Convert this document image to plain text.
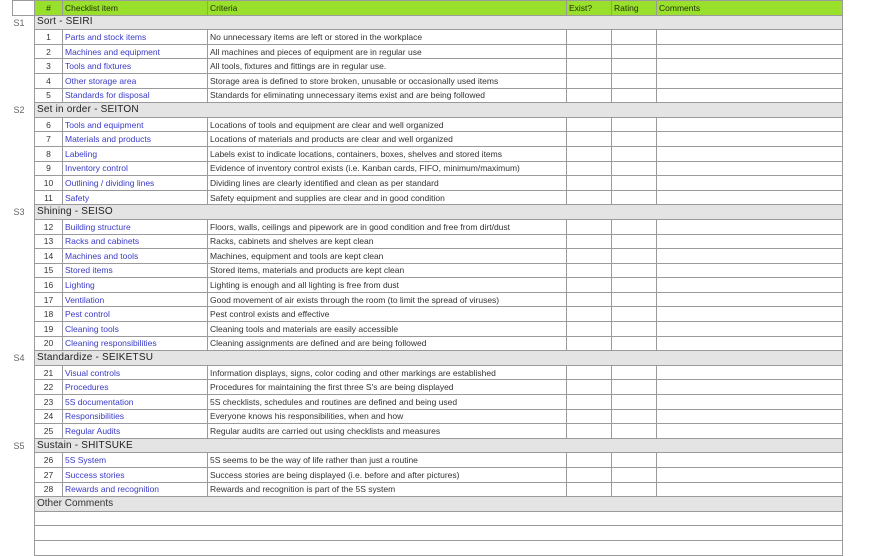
	#	Checklist item	Criteria	Exist?	Rating	Comments
S1	Sort - SEIRI					
	1	Parts and stock items	No unnecessary items are left or stored in the workplace			
	2	Machines and equipment	All machines and pieces of equipment are in regular use			
	3	Tools and fixtures	All tools, fixtures and fittings are in regular use.			
	4	Other storage area	Storage area is defined to store broken, unusable or occasionally used items			
	5	Standards for disposal	Standards for eliminating unnecessary items exist and are being followed			
S2	Set in order - SEITON					
	6	Tools and equipment	Locations of tools and equipment are clear and well organized			
	7	Materials and products	Locations of materials and products are clear and well organized			
	8	Labeling	Labels exist to indicate locations, containers, boxes, shelves and stored items			
	9	Inventory control	Evidence of inventory control exists (i.e. Kanban cards, FIFO, minimum/maximum)			
	10	Outlining / dividing lines	Dividing lines are clearly identified and clean as per standard			
	11	Safety	Safety equipment and supplies are clear and in good condition			
S3	Shining - SEISO					
	12	Building structure	Floors, walls, ceilings and pipework are in good condition and free from dirt/dust			
	13	Racks and cabinets	Racks, cabinets and shelves are kept clean			
	14	Machines and tools	Machines, equipment and tools are kept clean			
	15	Stored items	Stored items, materials and products are kept clean			
	16	Lighting	Lighting is enough and all lighting is free from dust			
	17	Ventilation	Good movement of air exists through the room (to limit the spread of viruses)			
	18	Pest control	Pest control exists and effective			
	19	Cleaning tools	Cleaning tools and materials are easily accessible			
	20	Cleaning responsibilities	Cleaning assignments are defined and are being followed			
S4	Standardize - SEIKETSU					
	21	Visual controls	Information displays, signs, color coding and other markings are established			
	22	Procedures	Procedures for maintaining the first three S's are being displayed			
	23	5S documentation	5S checklists, schedules and routines are defined and being used			
	24	Responsibilities	Everyone knows his responsibilities, when and how			
	25	Regular Audits	Regular audits are carried out using checklists and measures			
S5	Sustain - SHITSUKE					
	26	5S System	5S seems to be the way of life rather than just a routine			
	27	Success stories	Success stories are being displayed (i.e. before and after pictures)			
	28	Rewards and recognition	Rewards and recognition is part of the 5S system			
	Other Comments					
